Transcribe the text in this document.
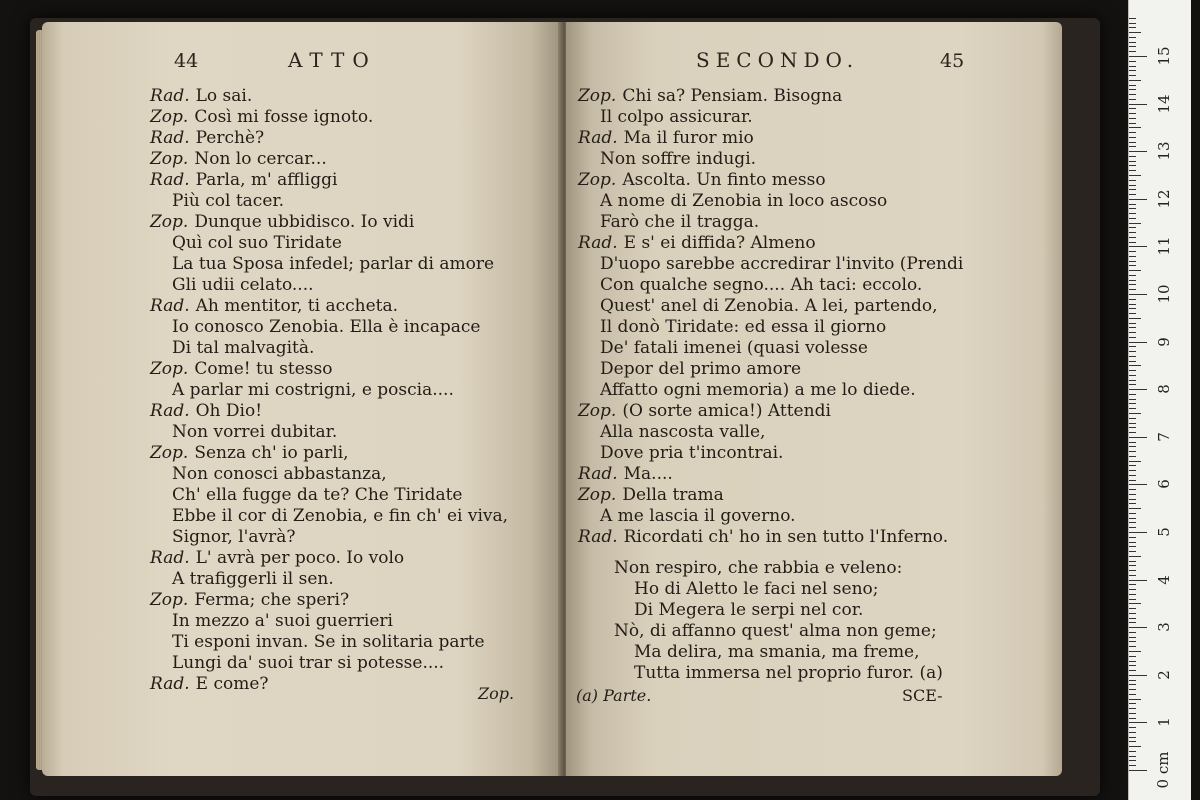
44	ATTO
Rad. Lo sai.
Zop. Così mi fosse ignoto.
Rad. Perchè?
Zop. Non lo cercar...
Rad. Parla, m' affliggi
Più col tacer.
Zop. Dunque ubbidisco. Io vidi
Quì col suo Tiridate
La tua Sposa infedel; parlar di amore
Gli udii celato....
Rad. Ah mentitor, ti accheta.
Io conosco Zenobia. Ella è incapace
Di tal malvagità.
Zop. Come! tu stesso
A parlar mi costrigni, e poscia....
Rad. Oh Dio!
Non vorrei dubitar.
Zop. Senza ch' io parli,
Non conosci abbastanza,
Ch' ella fugge da te? Che Tiridate
Ebbe il cor di Zenobia, e fin ch' ei viva,
Signor, l'avrà?
Rad. L' avrà per poco. Io volo
A trafiggerli il sen.
Zop. Ferma; che speri?
In mezzo a' suoi guerrieri
Ti esponi invan. Se in solitaria parte
Lungi da' suoi trar si potesse....
Rad. E come?	Zop.
SECONDO.	45
Zop. Chi sa? Pensiam. Bisogna
Il colpo assicurar.
Rad. Ma il furor mio
Non soffre indugi.
Zop. Ascolta. Un finto messo
A nome di Zenobia in loco ascoso
Farò che il tragga.
Rad. E s' ei diffida? Almeno
D'uopo sarebbe accredirar l'invito (Prendi
Con qualche segno.... Ah taci: eccolo.
Quest' anel di Zenobia. A lei, partendo,
Il donò Tiridate: ed essa il giorno
De' fatali imenei (quasi volesse
Depor del primo amore
Affatto ogni memoria) a me lo diede.
Zop. (O sorte amica!) Attendi
Alla nascosta valle,
Dove pria t'incontrai.
Rad. Ma....
Zop. Della trama
A me lascia il governo.
Rad. Ricordati ch' ho in sen tutto l'Inferno.
Non respiro, che rabbia e veleno:
Ho di Aletto le faci nel seno;
Di Megera le serpi nel cor.
Nò, di affanno quest' alma non geme;
Ma delira, ma smania, ma freme,
Tutta immersa nel proprio furor. (a)
(a) Parte.	SCE-
0 cm
1
2
3
4
5
6
7
8
9
10
11
12
13
14
15
